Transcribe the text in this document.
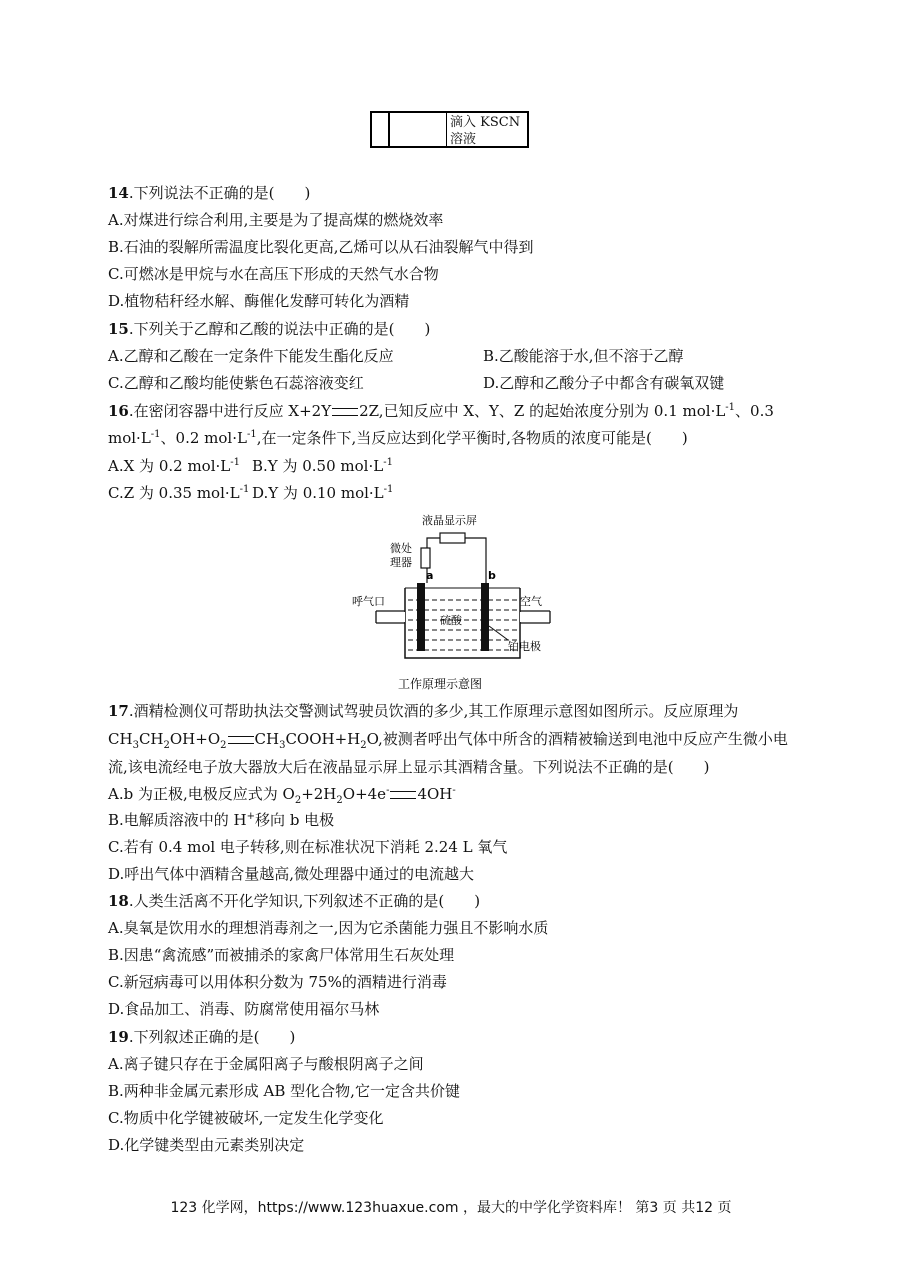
滴入 KSCN
溶液
14.下列说法不正确的是(　　)
A.对煤进行综合利用,主要是为了提高煤的燃烧效率
B.石油的裂解所需温度比裂化更高,乙烯可以从石油裂解气中得到
C.可燃冰是甲烷与水在高压下形成的天然气水合物
D.植物秸秆经水解、酶催化发酵可转化为酒精
15.下列关于乙醇和乙酸的说法中正确的是(　　)
A.乙醇和乙酸在一定条件下能发生酯化反应	B.乙酸能溶于水,但不溶于乙醇
C.乙醇和乙酸均能使紫色石蕊溶液变红	D.乙醇和乙酸分子中都含有碳氧双键
16.在密闭容器中进行反应 X+2Y 2Z,已知反应中 X、Y、Z 的起始浓度分别为 0.1 $mol\cdot L^{-1}$、0.3
$mol\cdot L^{-1}$、0.2 $mol\cdot L^{-1}$,在一定条件下,当反应达到化学平衡时,各物质的浓度可能是(　　)
A.X 为 0.2 $mol\cdot L^{-1}$ B.Y 为 0.50 $mol\cdot L^{-1}$
C.Z 为 0.35 $mol\cdot L^{-1}$ D.Y 为 0.10 $mol\cdot L^{-1}$
液晶显示屏
微处
理器
a	b
呼气口	空气
硫酸
铂电极
工作原理示意图
17.酒精检测仪可帮助执法交警测试驾驶员饮酒的多少,其工作原理示意图如图所示。反应原理为
$CH_3CH_2OH+O_2$ $CH_3COOH+H_2O$,被测者呼出气体中所含的酒精被输送到电池中反应产生微小电
流,该电流经电子放大器放大后在液晶显示屏上显示其酒精含量。下列说法不正确的是(　　)
A.b 为正极,电极反应式为 $O_2+2H_2O+4e^-$ 4OH-
B.电解质溶液中的 H+移向 b 电极
C.若有 0.4 mol 电子转移,则在标准状况下消耗 2.24 L 氧气
D.呼出气体中酒精含量越高,微处理器中通过的电流越大
18.人类生活离不开化学知识,下列叙述不正确的是(　　)
A.臭氧是饮用水的理想消毒剂之一,因为它杀菌能力强且不影响水质
B.因患“禽流感”而被捕杀的家禽尸体常用生石灰处理
C.新冠病毒可以用体积分数为 75%的酒精进行消毒
D.食品加工、消毒、防腐常使用福尔马林
19.下列叙述正确的是(　　)
A.离子键只存在于金属阳离子与酸根阴离子之间
B.两种非金属元素形成 AB 型化合物,它一定含共价键
C.物质中化学键被破坏,一定发生化学变化
D.化学键类型由元素类别决定
123 化学网，https://www.123huaxue.com ，最大的中学化学资料库！ 第3 页 共12 页
